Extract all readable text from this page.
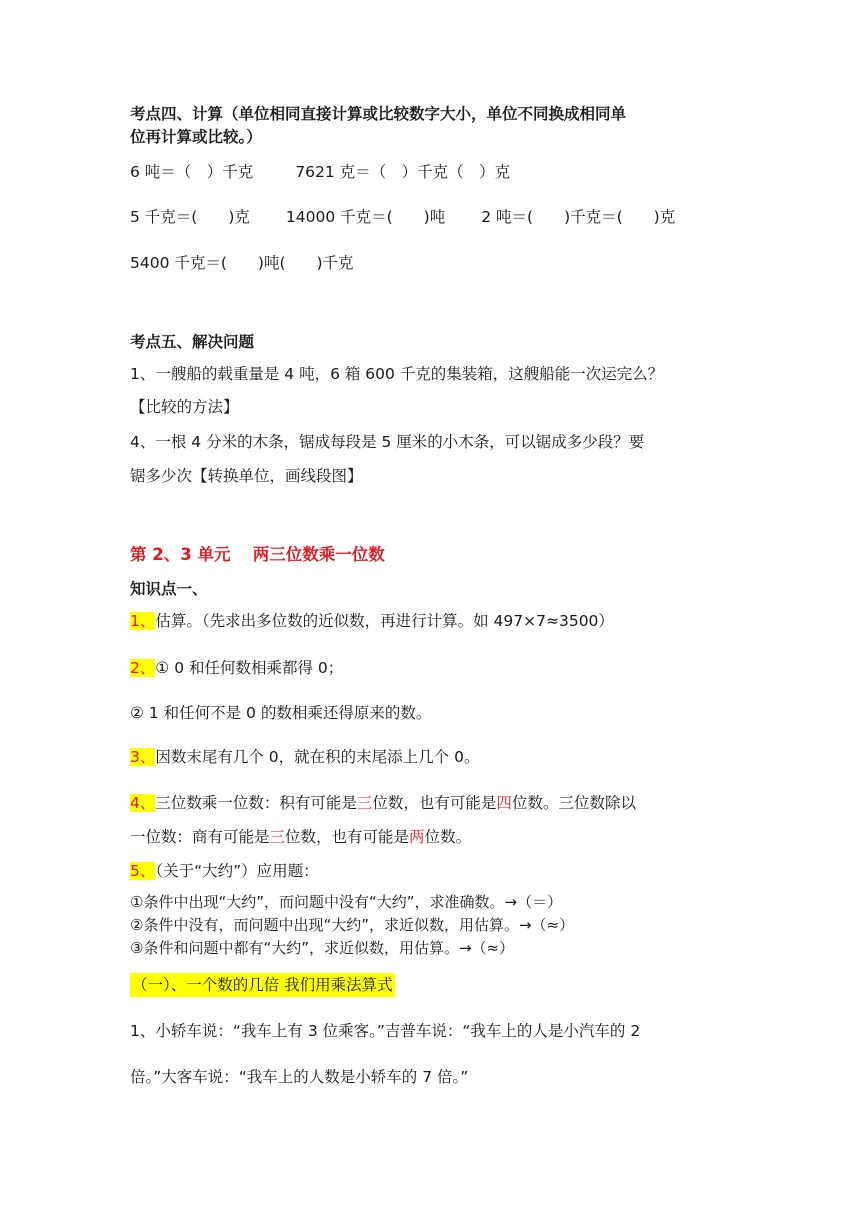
考点四、计算（单位相同直接计算或比较数字大小，单位不同换成相同单
位再计算或比较。）
6 吨＝（　）千克	7621 克＝（　）千克（　）克
5 千克＝(　　)克 14000 千克＝(　　)吨 2 吨＝(　　)千克＝(　　)克
5400 千克＝(　　)吨(　　)千克
考点五、解决问题
1、一艘船的载重量是 4 吨，6 箱 600 千克的集装箱，这艘船能一次运完么？
【比较的方法】
4、一根 4 分米的木条，锯成每段是 5 厘米的小木条，可以锯成多少段？要
锯多少次【转换单位，画线段图】
第 2、3 单元　 两三位数乘一位数
知识点一、
1、估算。（先求出多位数的近似数，再进行计算。如 497×7≈3500）
2、① 0 和任何数相乘都得 0；
② 1 和任何不是 0 的数相乘还得原来的数。
3、因数末尾有几个 0，就在积的末尾添上几个 0。
4、三位数乘一位数：积有可能是三位数，也有可能是四位数。三位数除以
一位数：商有可能是三位数，也有可能是两位数。
5、（关于“大约”）应用题：
①条件中出现“大约”，而问题中没有“大约”，求准确数。→（＝）
②条件中没有，而问题中出现“大约”，求近似数，用估算。→（≈）
③条件和问题中都有“大约”，求近似数，用估算。→（≈）
（一）、一个数的几倍 我们用乘法算式
1、小轿车说：“我车上有 3 位乘客。”吉普车说：“我车上的人是小汽车的 2
倍。”大客车说：“我车上的人数是小轿车的 7 倍。”
